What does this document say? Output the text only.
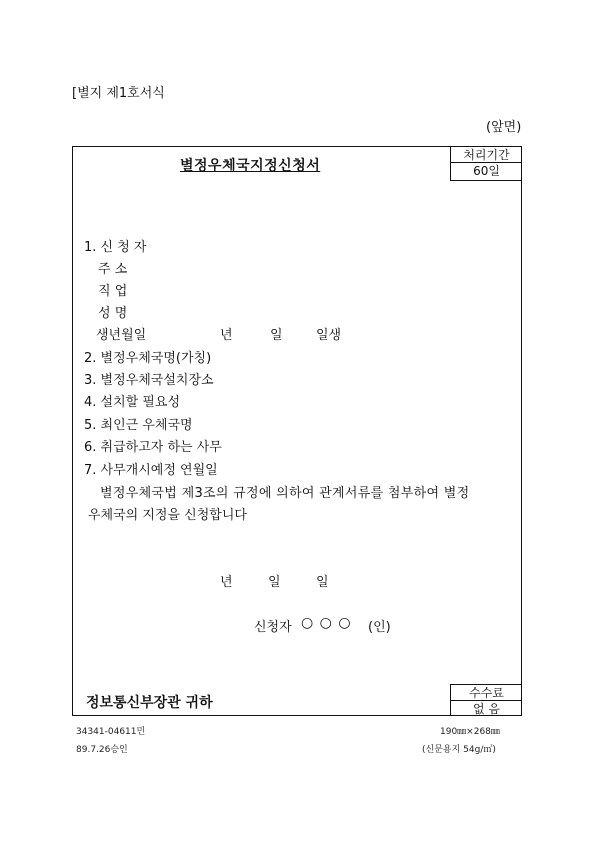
[별지 제1호서식
(앞면)
처리기간
60일
별정우체국지정신청서
1. 신 청 자
주 소
직 업
성 명
생년월일	년	일	일생
2. 별정우체국명(가칭)
3. 별정우체국설치장소
4. 설치할 필요성
5. 최인근 우체국명
6. 취급하고자 하는 사무
7. 사무개시예정 연월일
별정우체국법 제3조의 규정에 의하여 관계서류를 첨부하여 별정
우체국의 지정을 신청합니다
년	일	일
신청자 ○ ○ ○ (인)
정보통신부장관 귀하
수수료
없 음
34341-04611민
89.7.26승인
190㎜×268㎜
(신문용지 54g/㎡)
